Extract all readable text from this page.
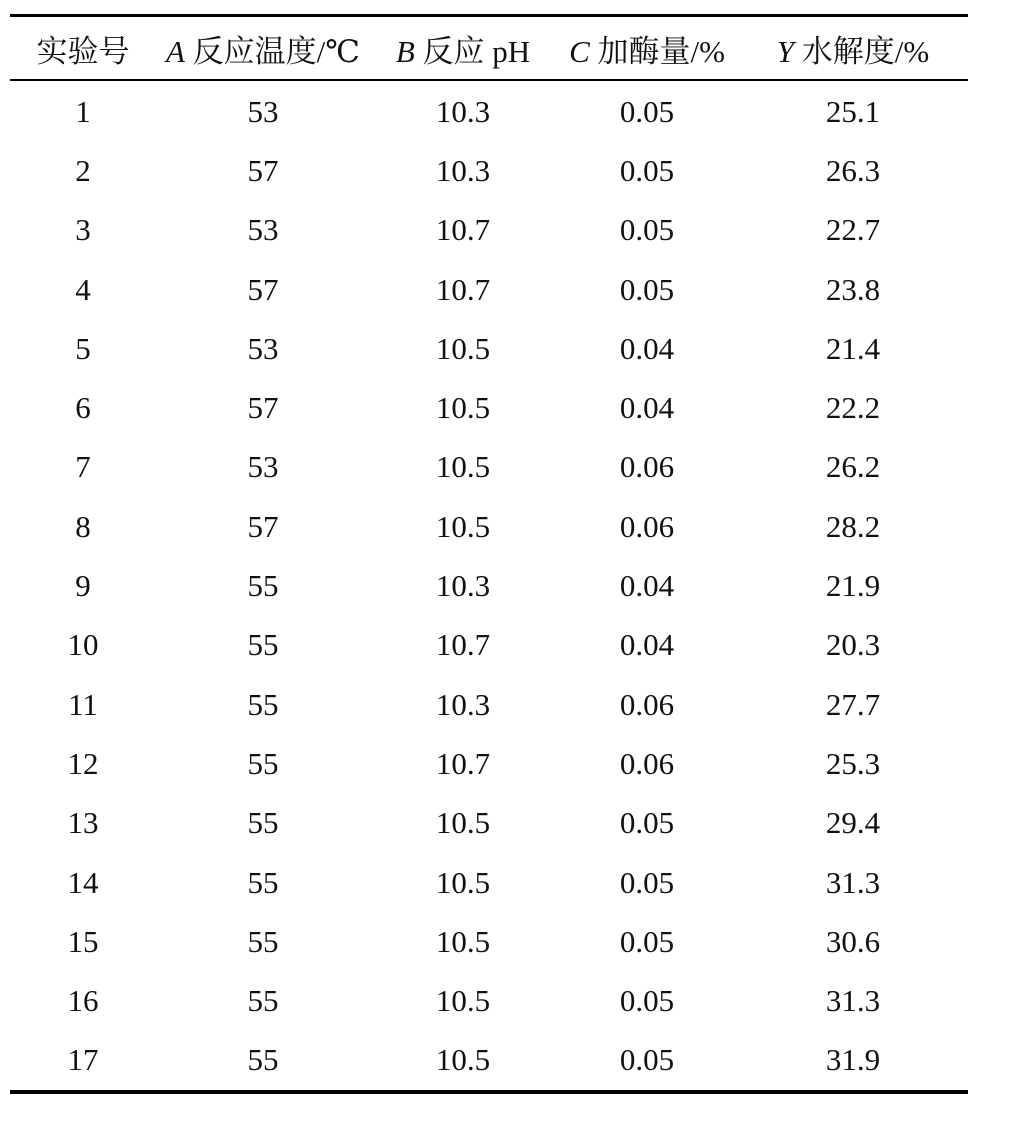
实验号	A 反应温度/℃	B 反应 pH	C 加酶量/%	Y 水解度/%
1	53	10.3	0.05	25.1
2	57	10.3	0.05	26.3
3	53	10.7	0.05	22.7
4	57	10.7	0.05	23.8
5	53	10.5	0.04	21.4
6	57	10.5	0.04	22.2
7	53	10.5	0.06	26.2
8	57	10.5	0.06	28.2
9	55	10.3	0.04	21.9
10	55	10.7	0.04	20.3
11	55	10.3	0.06	27.7
12	55	10.7	0.06	25.3
13	55	10.5	0.05	29.4
14	55	10.5	0.05	31.3
15	55	10.5	0.05	30.6
16	55	10.5	0.05	31.3
17	55	10.5	0.05	31.9
